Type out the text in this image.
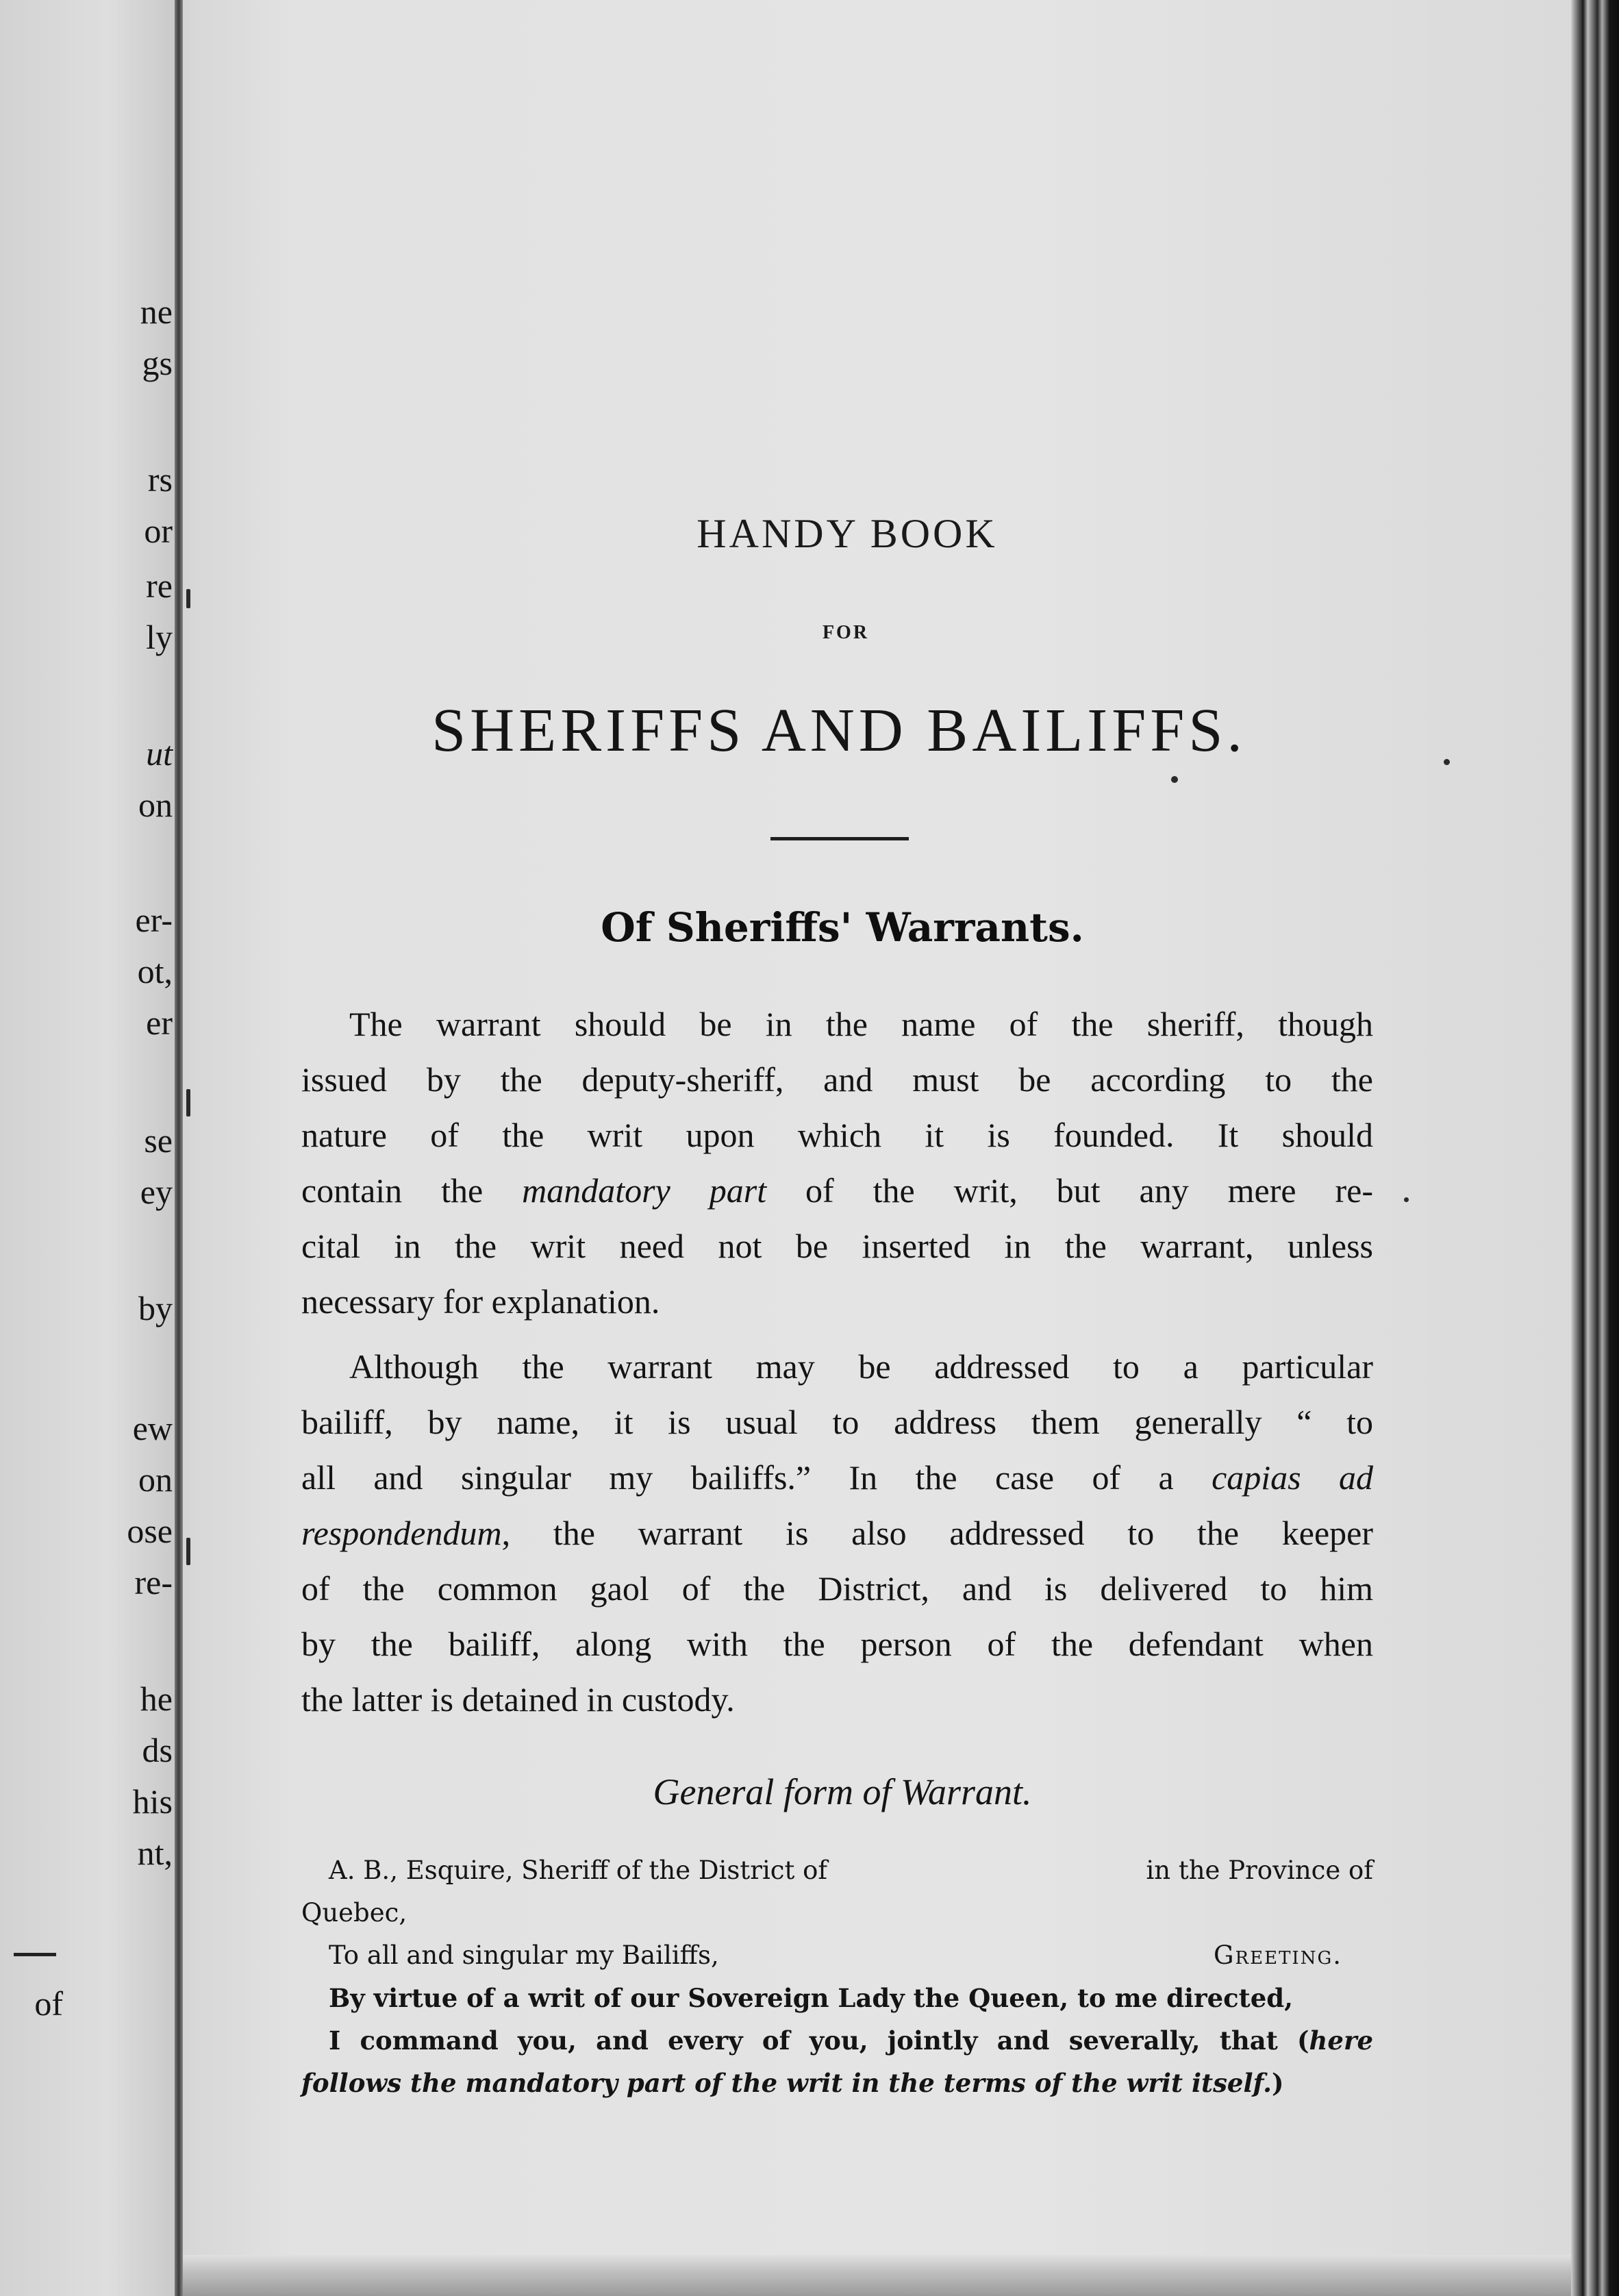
ne
gs
rs
or
re
ly
ut
on
er-
ot,
er
se
ey
by
ew
on
ose
re-
he
ds
his
nt,
of
HANDY BOOK
FOR
SHERIFFS AND BAILIFFS.
Of Sheriffs' Warrants.
The warrant should be in the name of the sheriff, though
issued by the deputy-sheriff, and must be according to the
nature of the writ upon which it is founded. It should
contain the mandatory part of the writ, but any mere re-
cital in the writ need not be inserted in the warrant, unless
necessary for explanation.
Although the warrant may be addressed to a particular
bailiff, by name, it is usual to address them generally “ to
all and singular my bailiffs.” In the case of a capias ad
respondendum, the warrant is also addressed to the keeper
of the common gaol of the District, and is delivered to him
by the bailiff, along with the person of the defendant when
the latter is detained in custody.
General form of Warrant.
A. B., Esquire, Sheriff of the District of	in the Province of
Quebec,
To all and singular my Bailiffs,	Greeting.
By virtue of a writ of our Sovereign Lady the Queen, to me directed,
I command you, and every of you, jointly and severally, that (here
follows the mandatory part of the writ in the terms of the writ itself.)
